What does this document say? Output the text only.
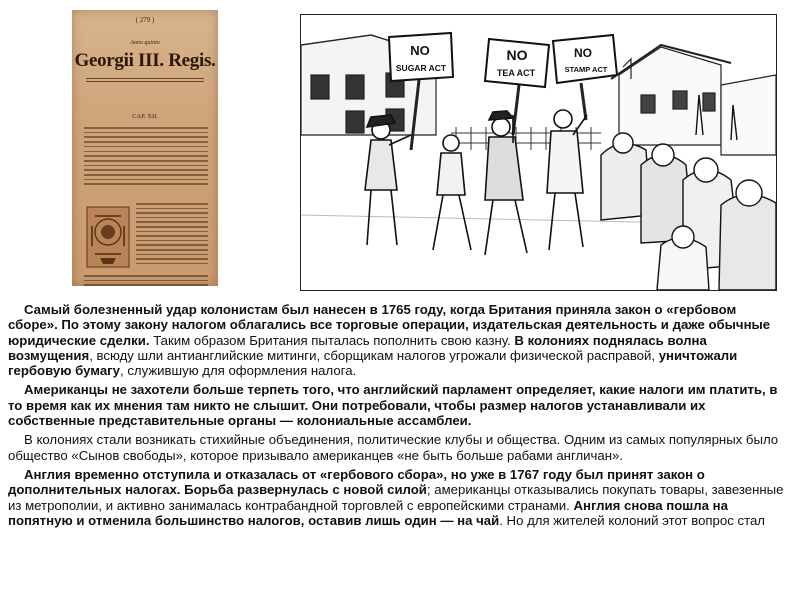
( 279 )
Anno quinto
Georgii III. Regis.
CAP. XII.
NO
SUGAR ACT
NO
TEA ACT
NO
STAMP ACT

Самый болезненный удар колонистам был нанесен в 1765 году, когда Британия приняла закон о «гербовом сборе». По этому закону налогом облагались все торговые операции, издательская деятельность и даже обычные юридические сделки. Таким образом Британия пыталась пополнить свою казну. В колониях поднялась волна возмущения, всюду шли антианглийские митинги, сборщикам налогов угрожали физической расправой, уничтожали гербовую бумагу, служившую для оформления налога.

Американцы не захотели больше терпеть того, что английский парламент определяет, какие налоги им платить, в то время как их мнения там никто не слышит. Они потребовали, чтобы размер налогов устанавливали их собственные представительные органы — колониальные ассамблеи.

В колониях стали возникать стихийные объединения, политические клубы и общества. Одним из самых популярных было общество «Сынов свободы», которое призывало американцев «не быть больше рабами англичан».

Англия временно отступила и отказалась от «гербового сбора», но уже в 1767 году был принят закон о дополнительных налогах. Борьба развернулась с новой силой; американцы отказывались покупать товары, завезенные из метрополии, и активно занималась контрабандной торговлей с европейскими странами. Англия снова пошла на попятную и отменила большинство налогов, оставив лишь один — на чай. Но для жителей колоний этот вопрос стал
